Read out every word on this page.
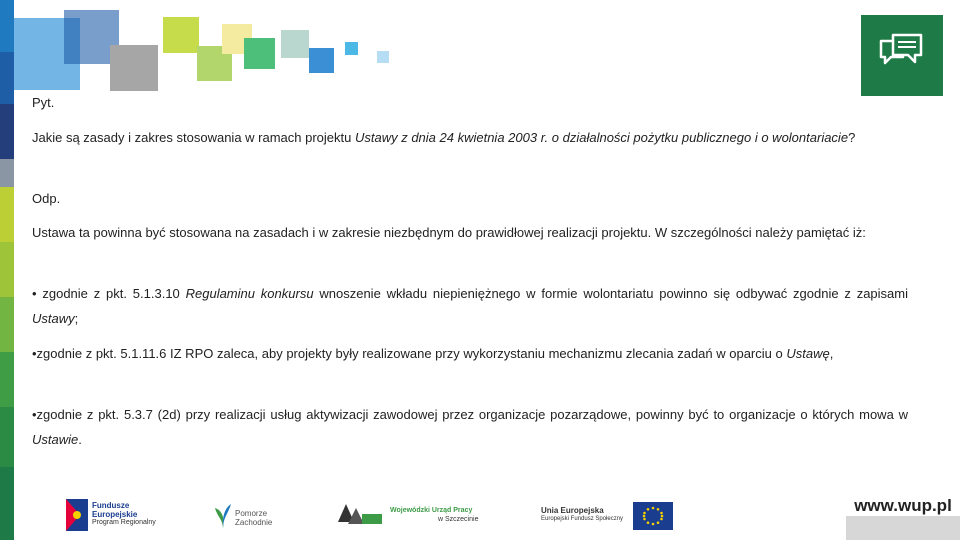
Pyt.
Jakie są zasady i zakres stosowania w ramach projektu Ustawy z dnia 24 kwietnia 2003 r. o działalności pożytku publicznego i o wolontariacie?
Odp.
Ustawa ta powinna być stosowana na zasadach i w zakresie niezbędnym do prawidłowej realizacji projektu. W szczególności należy pamiętać iż:
• zgodnie z pkt. 5.1.3.10 Regulaminu konkursu wnoszenie wkładu niepieniężnego w formie wolontariatu powinno się odbywać zgodnie z zapisami Ustawy;
•zgodnie z pkt. 5.1.11.6 IZ RPO zaleca, aby projekty były realizowane przy wykorzystaniu mechanizmu zlecania zadań w oparciu o Ustawę,
•zgodnie z pkt. 5.3.7 (2d) przy realizacji usług aktywizacji zawodowej przez organizacje pozarządowe, powinny być to organizacje o których mowa w Ustawie.
Fundusze
Europejskie
Program Regionalny
Pomorze
Zachodnie
Wojewódzki Urząd Pracy
w Szczecinie
Unia Europejska
Europejski Fundusz Społeczny
www.wup.pl
